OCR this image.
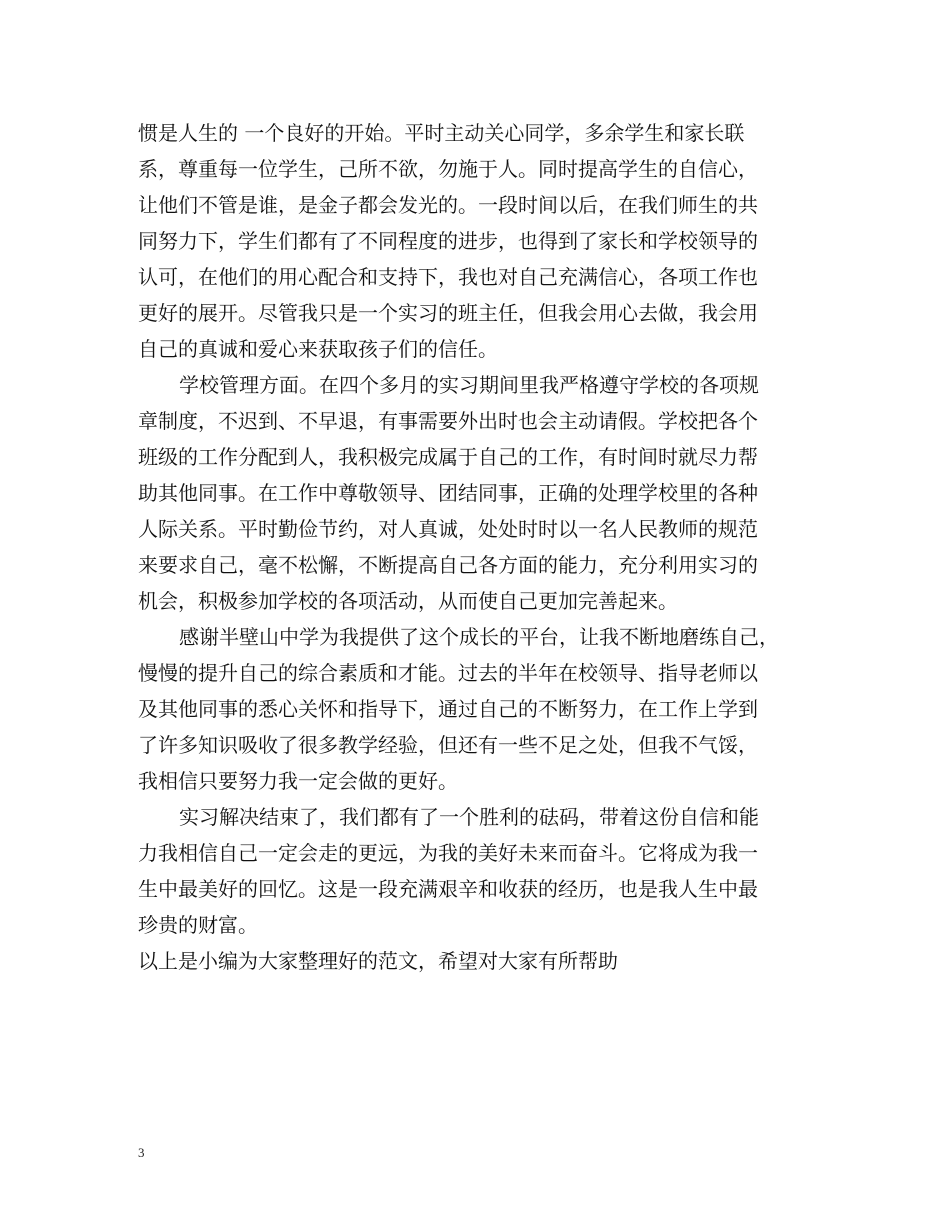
惯是人生的 一个良好的开始。平时主动关心同学，多余学生和家长联
系，尊重每一位学生，己所不欲，勿施于人。同时提高学生的自信心，
让他们不管是谁，是金子都会发光的。一段时间以后，在我们师生的共
同努力下，学生们都有了不同程度的进步，也得到了家长和学校领导的
认可，在他们的用心配合和支持下，我也对自己充满信心，各项工作也
更好的展开。尽管我只是一个实习的班主任，但我会用心去做，我会用
自己的真诚和爱心来获取孩子们的信任。
学校管理方面。在四个多月的实习期间里我严格遵守学校的各项规
章制度，不迟到、不早退，有事需要外出时也会主动请假。学校把各个
班级的工作分配到人，我积极完成属于自己的工作，有时间时就尽力帮
助其他同事。在工作中尊敬领导、团结同事，正确的处理学校里的各种
人际关系。平时勤俭节约，对人真诚，处处时时以一名人民教师的规范
来要求自己，毫不松懈，不断提高自己各方面的能力，充分利用实习的
机会，积极参加学校的各项活动，从而使自己更加完善起来。
感谢半壁山中学为我提供了这个成长的平台，让我不断地磨练自己，
慢慢的提升自己的综合素质和才能。过去的半年在校领导、指导老师以
及其他同事的悉心关怀和指导下，通过自己的不断努力，在工作上学到
了许多知识吸收了很多教学经验，但还有一些不足之处，但我不气馁，
我相信只要努力我一定会做的更好。
实习解决结束了，我们都有了一个胜利的砝码，带着这份自信和能
力我相信自己一定会走的更远，为我的美好未来而奋斗。它将成为我一
生中最美好的回忆。这是一段充满艰辛和收获的经历，也是我人生中最
珍贵的财富。
以上是小编为大家整理好的范文，希望对大家有所帮助
3
